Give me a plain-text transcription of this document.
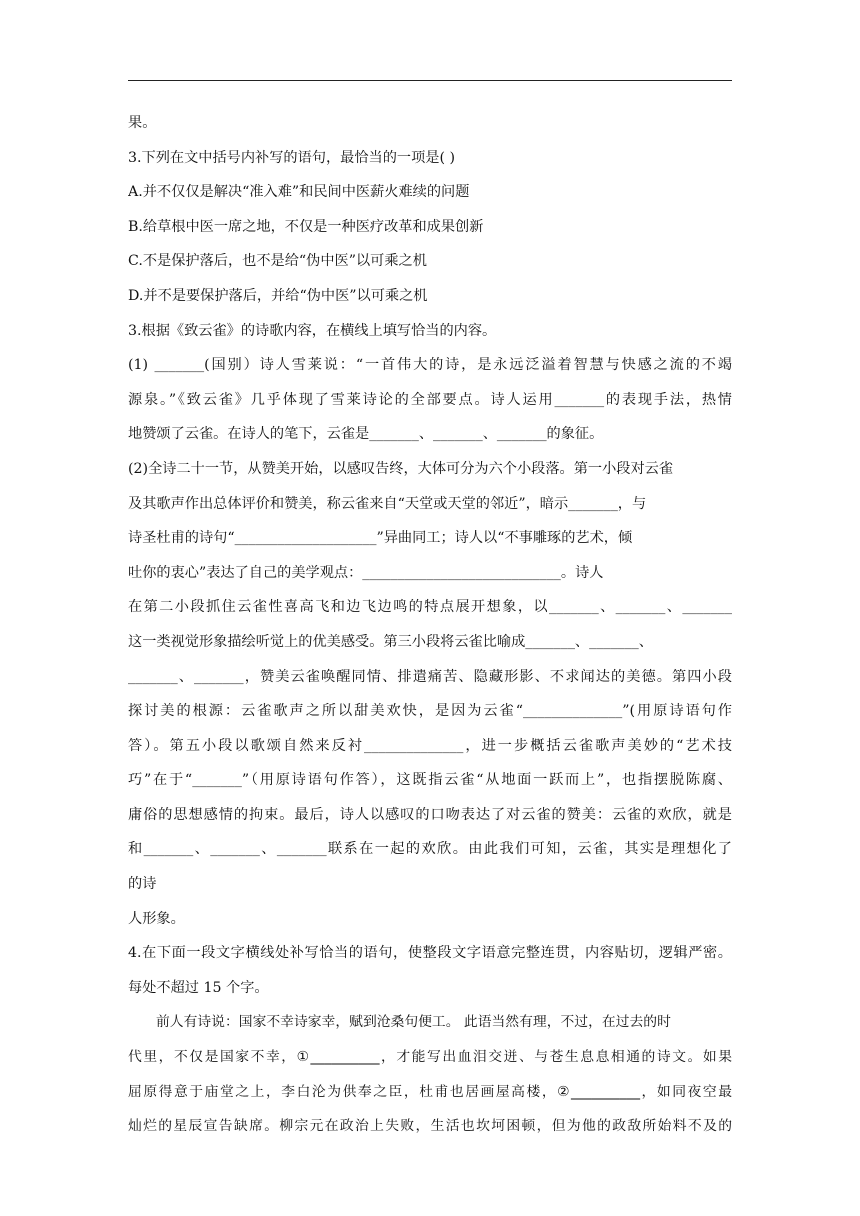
果。
3.下列在文中括号内补写的语句，最恰当的一项是( )
A.并不仅仅是解决“准入难”和民间中医薪火难续的问题
B.给草根中医一席之地，不仅是一种医疗改革和成果创新
C.不是保护落后，也不是给“伪中医”以可乘之机
D.并不是要保护落后，并给“伪中医”以可乘之机
3.根据《致云雀》的诗歌内容，在横线上填写恰当的内容。
(1) _______(国别）诗人雪莱说：“一首伟大的诗，是永远泛溢着智慧与快感之流的不竭
源泉。”《致云雀》几乎体现了雪莱诗论的全部要点。诗人运用_______的表现手法，热情
地赞颂了云雀。在诗人的笔下，云雀是_______、_______、_______的象征。
(2)全诗二十一节，从赞美开始，以感叹告终，大体可分为六个小段落。第一小段对云雀
及其歌声作出总体评价和赞美，称云雀来自“天堂或天堂的邻近”，暗示_______，与
诗圣杜甫的诗句“____________________”异曲同工；诗人以“不事雕琢的艺术，倾
吐你的衷心”表达了自己的美学观点：____________________________。诗人
在第二小段抓住云雀性喜高飞和边飞边鸣的特点展开想象，以_______、_______、_______
这一类视觉形象描绘听觉上的优美感受。第三小段将云雀比喻成_______、_______、
_______、_______，赞美云雀唤醒同情、排遣痛苦、隐藏形影、不求闻达的美德。第四小段
探讨美的根源：云雀歌声之所以甜美欢快，是因为云雀“______________”(用原诗语句作
答）。第五小段以歌颂自然来反衬______________，进一步概括云雀歌声美妙的“艺术技
巧”在于“_______”（用原诗语句作答），这既指云雀“从地面一跃而上”，也指摆脱陈腐、
庸俗的思想感情的拘束。最后，诗人以感叹的口吻表达了对云雀的赞美：云雀的欢欣，就是
和_______、_______、_______联系在一起的欢欣。由此我们可知，云雀，其实是理想化了
的诗
人形象。
4.在下面一段文字横线处补写恰当的语句，使整段文字语意完整连贯，内容贴切，逻辑严密。
每处不超过 15 个字。
前人有诗说：国家不幸诗家幸，赋到沧桑句便工。 此语当然有理，不过，在过去的时
代里，不仅是国家不幸，①__________，才能写出血泪交迸、与苍生息息相通的诗文。如果
屈原得意于庙堂之上，李白沦为供奉之臣，杜甫也居画屋高楼，②__________，如同夜空最
灿烂的星辰宣告缺席。柳宗元在政治上失败，生活也坎坷困顿，但为他的政敌所始料不及的
